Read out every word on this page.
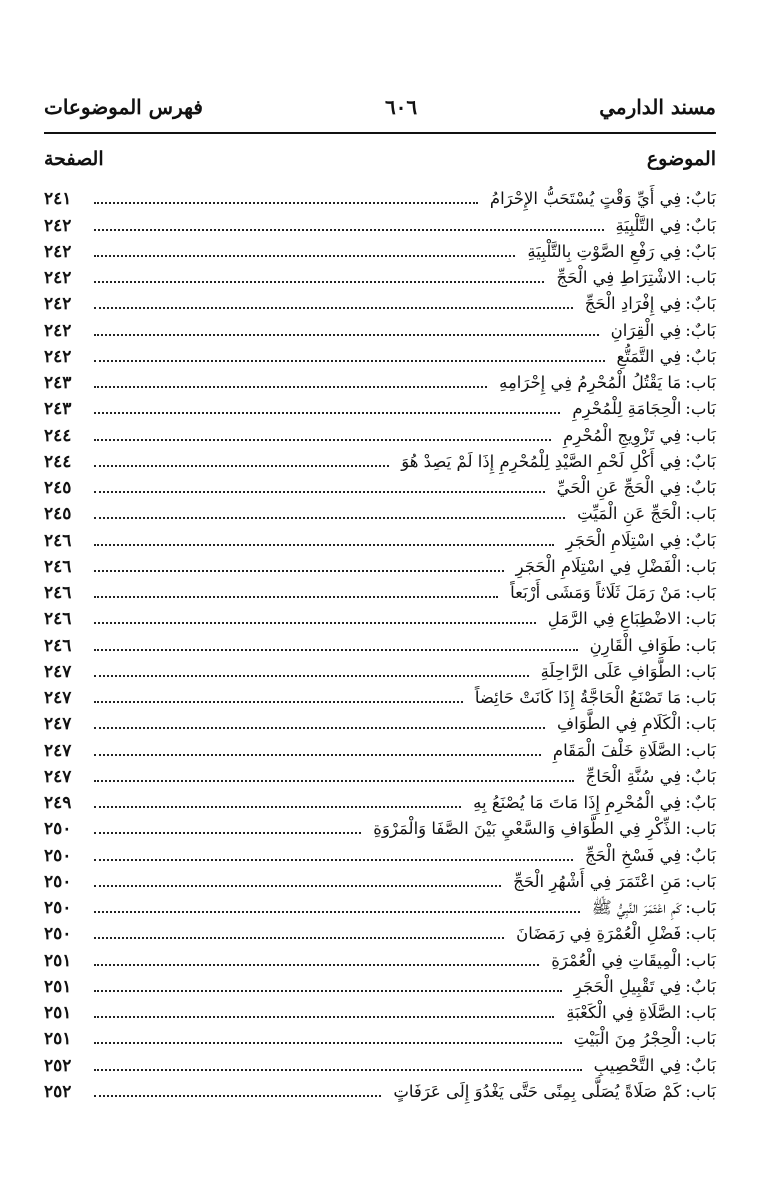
مسند الدارمي
٦٠٦
فهرس الموضوعات
الموضوع
الصفحة
بَابٌ:فِي أَيِّ وَقْتٍ يُسْتَحَبُّ الإِحْرَامُ
٢٤١
بَابٌ:فِي التَّلْبِيَةِ
٢٤٢
بَابٌ:فِي رَفْعِ الصَّوْتِ بِالتَّلْبِيَةِ
٢٤٢
بَاب:الاشْتِرَاطِ فِي الْحَجِّ
٢٤٢
بَابٌ:فِي إِفْرَادِ الْحَجِّ
٢٤٢
بَابٌ:فِي الْقِرَانِ
٢٤٢
بَابٌ:فِي التَّمَتُّعِ
٢٤٢
بَاب:مَا يَقْتُلُ الْمُحْرِمُ فِي إِحْرَامِهِ
٢٤٣
بَاب:الْحِجَامَةِ لِلْمُحْرِمِ
٢٤٣
بَاب:فِي تَزْوِيجِ الْمُحْرِمِ
٢٤٤
بَابٌ:فِي أَكْلِ لَحْمِ الصَّيْدِ لِلْمُحْرِمِ إِذَا لَمْ يَصِدْ هُوَ
٢٤٤
بَابٌ:فِي الْحَجِّ عَنِ الْحَيِّ
٢٤٥
بَاب:الْحَجِّ عَنِ الْمَيِّتِ
٢٤٥
بَابٌ:فِي اسْتِلَامِ الْحَجَرِ
٢٤٦
بَاب:الْفَضْلِ فِي اسْتِلَامِ الْحَجَرِ
٢٤٦
بَاب:مَنْ رَمَلَ ثَلَاثاً وَمَشَى أَرْبَعاً
٢٤٦
بَاب:الاضْطِبَاعِ فِي الرَّمَلِ
٢٤٦
بَاب:طَوَافِ الْقَارِنِ
٢٤٦
بَاب:الطَّوَافِ عَلَى الرَّاحِلَةِ
٢٤٧
بَاب:مَا تَصْنَعُ الْحَاجَّةُ إِذَا كَانَتْ حَائِضاً
٢٤٧
بَاب:الْكَلَامِ فِي الطَّوَافِ
٢٤٧
بَاب:الصَّلَاةِ خَلْفَ الْمَقَامِ
٢٤٧
بَابٌ:فِي سُنَّةِ الْحَاجِّ
٢٤٧
بَابٌ:فِي الْمُحْرِمِ إِذَا مَاتَ مَا يُصْنَعُ بِهِ
٢٤٩
بَاب:الذِّكْرِ فِي الطَّوَافِ وَالسَّعْيِ بَيْنَ الصَّفَا وَالْمَرْوَةِ
٢٥٠
بَابٌ:فِي فَسْخِ الْحَجِّ
٢٥٠
بَاب:مَنِ اعْتَمَرَ فِي أَشْهُرِ الْحَجِّ
٢٥٠
بَاب:كَمِ اعْتَمَرَ النَّبِيُّ ﷺ
٢٥٠
بَاب:فَضْلِ الْعُمْرَةِ فِي رَمَضَانَ
٢٥٠
بَاب:الْمِيقَاتِ فِي الْعُمْرَةِ
٢٥١
بَابٌ:فِي تَقْبِيلِ الْحَجَرِ
٢٥١
بَاب:الصَّلَاةِ فِي الْكَعْبَةِ
٢٥١
بَاب:الْحِجْرُ مِنَ الْبَيْتِ
٢٥١
بَابٌ:فِي التَّحْصِيبِ
٢٥٢
بَاب:كَمْ صَلَاةً يُصَلَّى بِمِنًى حَتَّى يَغْدُوَ إِلَى عَرَفَاتٍ
٢٥٢
